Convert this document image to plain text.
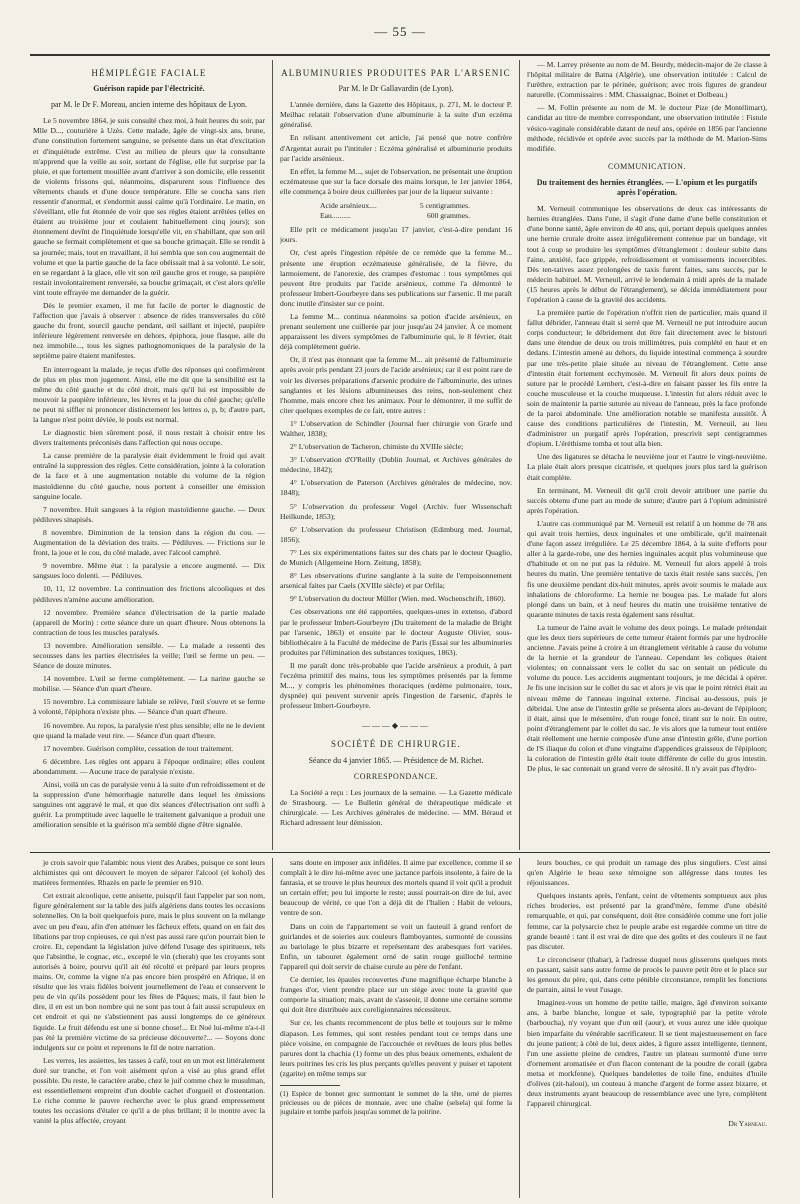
— 55 —
HÉMIPLÉGIE FACIALE
Guérison rapide par l'électricité.
par M. le Dr F. Moreau, ancien interne des hôpitaux de Lyon.

Le 5 novembre 1864, je suis consulté chez moi, à huit heures du soir, par Mlle D..., couturière à Uzès. Cette malade, âgée de vingt-six ans, brune, d'une constitution fortement sanguine, se présente dans un état d'excitation et d'inquiétude extrême. C'est au milieu de pleurs que la consultante m'apprend que la veille au soir, sortant de l'église, elle fut surprise par la pluie, et que fortement mouillée avant d'arriver à son domicile, elle ressentit de violents frissons qui, néanmoins, disparurent sous l'influence des vêtements chauds et d'une douce température. Elle se coucha sans rien ressentir d'anormal, et s'endormit aussi calme qu'à l'ordinaire. Le matin, en s'éveillant, elle fut étonnée de voir que ses règles étaient arrêtées (elles en étaient au troisième jour et coulaient habituellement cinq jours); son étonnement devînt de l'inquiétude lorsqu'elle vit, en s'habillant, que son œil gauche se fermait complètement et que sa bouche grimaçait. Elle se rendit à sa journée; mais, tout en travaillant, il lui sembla que son cou augmentait de volume et que la partie gauche de la face obéissait mal à sa volonté. Le soir, en se regardant à la glace, elle vit son œil gauche gros et rouge, sa paupière restait involontairement renversée, sa bouche grimaçait, et c'est alors qu'elle vint toute effrayée me demander de la guérir.

Dès le premier examen, il me fut facile de porter le diagnostic de l'affection que j'avais à observer : absence de rides transversales du côté gauche du front, sourcil gauche pendant, œil saillant et injecté, paupière inférieure légèrement renversée en dehors, épiphora, joue flasque, aile du nez immobile..., tous les signes pathognomoniques de la paralysie de la septième paire étaient manifestes.

En interrogeant la malade, je reçus d'elle des réponses qui confirmèrent de plus en plus mon jugement. Ainsi, elle me dit que la sensibilité est la même du côté gauche et du côté droit, mais qu'il lui est impossible de mouvoir la paupière inférieure, les lèvres et la joue du côté gauche; qu'elle ne peut ni siffler ni prononcer distinctement les lettres o, p, b; d'autre part, la langue n'est point déviée, le pouls est normal.

Le diagnostic bien sûrement posé, il nous restait à choisir entre les divers traitements préconisés dans l'affection qui nous occupe.

La cause première de la paralysie était évidemment le froid qui avait entraîné la suppression des règles. Cette considération, jointe à la coloration de la face et à une augmentation notable du volume de la région mastoïdienne du côté gauche, nous portent à conseiller une émission sanguine locale.

7 novembre. Huit sangsues à la région mastoïdienne gauche. — Deux pédiluves sinapisés.

8 novembre. Diminution de la tension dans la région du cou. — Augmentation de la déviation des traits. — Pédiluves. — Frictions sur le front, la joue et le cou, du côté malade, avec l'alcool camphré.

9 novembre. Même état : la paralysie a encore augmenté. — Dix sangsues loco dolenti. — Pédiluves.

10, 11, 12 novembre. La continuation des frictions alcooliques et des pédiluves n'amène aucune amélioration.

12 novembre. Première séance d'électrisation de la partie malade (appareil de Morin) : cette séance dure un quart d'heure. Nous obtenons la contraction de tous les muscles paralysés.

13 novembre. Amélioration sensible. — La malade a ressenti des secousses dans les parties électrisées la veille; l'œil se ferme un peu. — Séance de douze minutes.

14 novembre. L'œil se ferme complètement. — La narine gauche se mobilise. — Séance d'un quart d'heure.

15 novembre. La commissure labiale se relève, l'œil s'ouvre et se ferme à volonté, l'épiphora n'existe plus. — Séance d'un quart d'heure.

16 novembre. Au repos, la paralysie n'est plus sensible; elle ne le devient que quand la malade veut rire. — Séance d'un quart d'heure.

17 novembre. Guérison complète, cessation de tout traitement.

6 décembre. Les règles ont apparu à l'époque ordinaire; elles coulent abondamment. — Aucune trace de paralysie n'existe.

Ainsi, voilà un cas de paralysie venu à la suite d'un refroidissement et de la suppression d'une hémorrhagie naturelle dans lequel les émissions sanguines ont aggravé le mal, et que dix séances d'électrisation ont suffi à guérir. La promptitude avec laquelle le traitement galvanique a produit une amélioration sensible et la guérison m'a semblé digne d'être signalée.

ALBUMINURIES PRODUITES PAR L'ARSENIC
Par M. le Dr Gallavardin (de Lyon).

L'année dernière, dans la Gazette des Hôpitaux, p. 271, M. le docteur P. Meilhac relatait l'observation d'une albuminurie à la suite d'un eczéma généralisé.

En relisant attentivement cet article, j'ai pensé que notre confrère d'Argentat aurait pu l'intituler : Eczéma généralisé et albuminurie produits par l'acide arsénieux.

En effet, la femme M..., sujet de l'observation, ne présentait une éruption eczémateuse que sur la face dorsale des mains lorsque, le 1er janvier 1864, elle commença à boire deux cuillerées par jour de la liqueur suivante :

Acide arsénieux....	5 centigrammes.
Eau..........	600 grammes.

Elle prit ce médicament jusqu'au 17 janvier, c'est-à-dire pendant 16 jours.

Or, c'est après l'ingestion répétée de ce remède que la femme M... présente une éruption eczémateuse généralisée, de la fièvre, du larmoiement, de l'anorexie, des crampes d'estomac : tous symptômes qui peuvent être produits par l'acide arsénieux, comme l'a démontré le professeur Imbert-Gourbeyre dans ses publications sur l'arsenic. Il me paraît donc inutile d'insister sur ce point.

La femme M... continua néanmoins sa potion d'acide arsénieux, en prenant seulement une cuillerée par jour jusqu'au 24 janvier. À ce moment apparaissent les divers symptômes de l'albuminurie qui, le 8 février, était déjà complètement guérie.

Or, il n'est pas étonnant que la femme M... ait présenté de l'albuminurie après avoir pris pendant 23 jours de l'acide arsénieux; car il est point rare de voir les diverses préparations d'arsenic produire de l'albuminurie, des urines sanglantes et les lésions albumineuses des reins, non-seulement chez l'homme, mais encore chez les animaux. Pour le démontrer, il me suffit de citer quelques exemples de ce fait, entre autres :

1° L'observation de Schindler (Journal fuer chirurgie von Græfe und Walther, 1838);

2° L'observation de Tacheron, chimiste du XVIIIe siècle;

3° L'observation d'O'Reilly (Dublin Journal, et Archives générales de médecine, 1842);

4° L'observation de Paterson (Archives générales de médecine, nov. 1848);

5° L'observation du professeur Vogel (Archiv. fuer Wissenschaft Heilkunde, 1853);

6° L'observation du professeur Christison (Edimburg med. Journal, 1856);

7° Les six expérimentations faites sur des chats par le docteur Quaglio, de Munich (Allgemeine Horn. Zeitung, 1858);

8° Les observations d'urine sanglante à la suite de l'empoisonnement arsenical faites par Caels (XVIIIe siècle) et par Orfila;

9° L'observation du docteur Müller (Wien. med. Wochenschrift, 1860).

Ces observations ont été rapportées, quelques-unes in extenso, d'abord par le professeur Imbert-Gourbeyre (Du traitement de la maladie de Bright par l'arsenic, 1863) et ensuite par le docteur Auguste Olivier, sous-bibliothécaire à la Faculté de médecine de Paris (Essai sur les albuminuries produites par l'élimination des substances toxiques, 1863).

Il me paraît donc très-probable que l'acide arsénieux a produit, à part l'eczéma primitif des mains, tous les symptômes présentés par la femme M..., y compris les phénomènes thoraciques (œdème pulmonaire, toux, dyspnée) qui peuvent survenir après l'ingestion de l'arsenic, d'après le professeur Imbert-Gourbeyre.

———◆———
SOCIÉTÉ DE CHIRURGIE.
Séance du 4 janvier 1865. — Présidence de M. Richet.
CORRESPONDANCE.

La Société a reçu : Les journaux de la semaine. — La Gazette médicale de Strasbourg. — Le Bulletin général de thérapeutique médicale et chirurgicale. — Les Archives générales de médecine. — MM. Béraud et Richard adressent leur démission.

— M. Larrey présente au nom de M. Beurdy, médecin-major de 2e classe à l'hôpital militaire de Batna (Algérie), une observation intitulée : Calcul de l'urèthre, extraction par le périnée, guérison; avec trois figures de grandeur naturelle. (Commissaires : MM. Chassaignac, Boinet et Dolbeau.)

— M. Follin présente au nom de M. le docteur Pize (de Montélimart), candidat au titre de membre correspondant, une observation intitulée : Fistule vésico-vaginale considérable datant de neuf ans, opérée en 1856 par l'ancienne méthode, récidivée et opérée avec succès par la méthode de M. Marion-Sims modifiée.

COMMUNICATION.
Du traitement des hernies étranglées. — L'opium et les purgatifs après l'opération.

M. Verneuil communique les observations de deux cas intéressants de hernies étranglées. Dans l'une, il s'agit d'une dame d'une belle constitution et d'une bonne santé, âgée environ de 40 ans, qui, portant depuis quelques années une hernie crurale droite assez irrégulièrement contenue par un bandage, vit tout à coup se produire les symptômes d'étranglement : douleur subite dans l'aine, anxiété, face grippée, refroidissement et vomissements incoercibles. Dès ten-tatives assez prolongées de taxis furent faites, sans succès, par le médecin habituel. M. Verneuil, arrivé le lendemain à midi après de la malade (15 heures après le début de l'étranglement), se décida immédiatement pour l'opération à cause de la gravité des accidents.

La première partie de l'opération n'offrit rien de particulier, mais quand il fallut débrider, l'anneau était si serré que M. Verneuil ne put introduire aucun corps conducteur; le débridement dut être fait directement avec le bistouri dans une étendue de deux ou trois millimètres, puis complété en haut et en dedans. L'intestin amené au dehors, du liquide intestinal commença à sourdre par une très-petite plaie située au niveau de l'étranglement. Cette anse d'intestin était fortement ecchymosée. M. Verneuil fit alors deux points de suture par le procédé Lembert, c'est-à-dire en faisant passer les fils entre la couche musculeuse et la couche muqueuse. L'intestin fut alors réduit avec le soin de maintenir la partie suturée au niveau de l'anneau, près la face profonde de la paroi abdominale. Une amélioration notable se manifesta aussitôt. À cause des conditions particulières de l'intestin, M. Verneuil, au lieu d'administrer un purgatif après l'opération, prescrivit sept centigrammes d'opium. L'éréthisme tomba et tout alla bien.

Une des ligatures se détacha le neuvième jour et l'autre le vingt-neuvième. La plaie était alors presque cicatrisée, et quelques jours plus tard la guérison était complète.

En terminant, M. Verneuil dit qu'il croit devoir attribuer une partie du succès obtenu d'une part au mode de suture; d'autre part à l'opium administré après l'opération.

L'autre cas communiqué par M. Verneuil est relatif à un homme de 78 ans qui avait trois hernies, deux inguinales et une ombilicale, qu'il maintenait d'une façon assez irrégulière. Le 25 décembre 1864, à la suite d'efforts pour aller à la garde-robe, une des hernies inguinales acquit plus volumineuse que d'habitude et on ne put pas la réduire. M. Verneuil fut alors appelé à trois heures du matin. Une première tentative de taxis était restée sans succès, j'en fis une deuxième pendant dix-huit minutes, après avoir soumis le malade aux inhalations de chloroforme. La hernie ne bougea pas. Le malade fut alors plongé dans un bain, et à neuf heures du matin une troisième tentative de quarante minutes de taxis resta également sans résultat.

La tumeur de l'aine avait le volume des deux poings. Le malade prétendait que les deux tiers supérieurs de cette tumeur étaient formés par une hydrocèle ancienne. J'avais peine à croire à un étranglement véritable à cause du volume de la hernie et la grandeur de l'anneau. Cependant les coliques étaient violentes; en connaissant vers le collet du sac on sentait un pédicule du volume du pouce. Les accidents augmentant toujours, je me décidai à opérer. Je fis une incision sur le collet du sac et alors je vis que le point rétréci était au niveau même de l'anneau inguinal externe. J'incisai au-dessous, puis je débridai. Une anse de l'intestin grêle se présenta alors au-devant de l'épiploon; il était, ainsi que le mésentère, d'un rouge foncé, tirant sur le noir. En outre, point d'étranglement par le collet du sac. Je vis alors que la tumeur tout entière était réellement une hernie composée d'une anse d'intestin grêle, d'une portion de l'S iliaque du colon et d'une vingtaine d'appendices graisseux de l'épiploon; la coloration de l'intestin grêle était toute différente de celle du gros intestin. De plus, le sac contenait un grand verre de sérosité. Il n'y avait pas d'hydro-

je crois savoir que l'alambic nous vient des Arabes, puisque ce sont leurs alchimistes qui ont découvert le moyen de séparer l'alcool (el kohol) des matières fermentées. Rhazès en parle le premier en 910.

Cet extrait alcoolique, cette anisette, puisqu'il faut l'appeler par son nom, figure généralement sur la table des juifs algériens dans toutes les occasions solennelles. On la boit quelquefois pure, mais le plus souvent on la mélange avec un peu d'eau, afin d'en atténuer les fâcheux effets, quand on en fait des libations par trop copieuses, ce qui n'est pas aussi rare qu'on pourrait bien le croire. Et, cependant la législation juive défend l'usage des spiritueux, tels que l'absinthe, le cognac, etc., excepté le vin (cherab) que les croyants sont autorisés à boire, pourvu qu'il ait été récolté et préparé par leurs propres mains. Or, comme la vigne n'a pas encore bien prospéré en Afrique, il en résulte que les vrais fidèles boivent journellement de l'eau et conservent le peu de vin qu'ils possèdent pour les fêtes de Pâques; mais, il faut bien le dire, il en est un bon nombre qui ne sont pas tout à fait aussi scrupuleux en cet endroit et qui ne s'abstiennent pas aussi longtemps de ce généreux liquide. Le fruit défendu est une si bonne chose!... Et Noé lui-même n'a-t-il pas été la première victime de sa précieuse découverte?... — Soyons donc indulgents sur ce point et reprenons le fil de notre narration.

Les verres, les assiettes, les tasses à café, tout en un mot est littéralement doré sur tranche, et l'on voit aisément qu'on a visé au plus grand effet possible. Du reste, le caractère arabe, chez le juif comme chez le musulman, est essentiellement empreint d'un double cachet d'orgueil et d'ostentation. Le riche comme le pauvre recherche avec le plus grand empressement toutes les occasions d'étaler ce qu'il a de plus brillant; il le montre avec la vanité la plus affectée, croyant

sans doute en imposer aux infidèles. Il aime par excellence, comme il se complaît à le dire lui-même avec une jactance parfois insolente, à faire de la fantasia, et se trouve le plus heureux des mortels quand il voit qu'il a produit un certain effet; peu lui importe le reste; aussi pourrait-on dire de lui, avec beaucoup de vérité, ce que l'on a déjà dit de l'Italien : Habit de velours, ventre de son.

Dans un coin de l'appartement se voit un fauteuil à grand renfort de guirlandes et de soieries aux couleurs flamboyantes, surmonté de coussins au bariolage le plus bizarre et représentant des arabesques fort variées. Enfin, un tabouret également orné de satin rouge guilloché termine l'appareil qui doit servir de chaise curule au père de l'enfant.

Ce dernier, les épaules recouvertes d'une magnifique écharpe blanche à franges d'or, vient prendre place sur un siége avec toute la gravité que comporte la situation; mais, avant de s'asseoir, il donne une certaine somme qui doit être distribuée aux coreligionnaires nécessiteux.

Sur ce, les chants recommencent de plus belle et toujours sur le même diapason. Les femmes, qui sont restées pendant tout ce temps dans une pièce voisine, en compagnie de l'accouchée et revêtues de leurs plus belles parures dont la chachia (1) forme un des plus beaux ornements, exhalent de leurs poitrines les cris les plus perçants qu'elles peuvent y puiser et tapotent (zgarite) en même temps sur

(1) Espèce de bonnet grec surmontant le sommet de la tête, orné de pierres précieuses ou de pièces de monnaie, avec une chaîne (selsela) qui forme la jugulaire et tombe parfois jusqu'au sommet de la poitrine.

leurs bouches, ce qui produit un ramage des plus singuliers. C'est ainsi qu'en Algérie le beau sexe témoigne son allégresse dans toutes les réjouissances.

Quelques instants après, l'enfant, ceint de vêtements somptueux aux plus riches broderies, est présenté par la grand'mère, femme d'une obésité remarquable, et qui, par conséquent, doit être considérée comme une fort jolie femme, car la polysarcie chez le peuple arabe est regardée comme un titre de grande beauté : tant il est vrai de dire que des goûts et des couleurs il ne faut pas discuter.

Le circonciseur (thabar), à l'adresse duquel nous glisserons quelques mots en passant, saisit sans autre forme de procès le pauvre petit être et le place sur les genoux du père, qui, dans cette pénible circonstance, remplit les fonctions de parrain, ainsi le veut l'usage.

Imaginez-vous un homme de petite taille, maigre, âgé d'environ soixante ans, à barbe blanche, longue et sale, typographié par la petite vérole (barboucha), n'y voyant que d'un œil (aour), et vous aurez une idée quoique bien imparfaite du vénérable sacrificateur. Il se tient majestueusement en face du jeune patient; à côté de lui, deux aides, à figure assez intelligente, tiennent, l'un une assiette pleine de cendres, l'autre un plateau surmonté d'une terre d'ornement aromatisée et d'un flacon contenant de la poudre de corail (gabra metsa et morkfenne). Quelques bandelettes de toile fine, enduites d'huile d'olives (zit-haloui), un couteau à manche d'argent de forme assez bizarre, et deux instruments ayant beaucoup de ressemblance avec une lyre, complètent l'appareil chirurgical.

Dr Yarneau.
